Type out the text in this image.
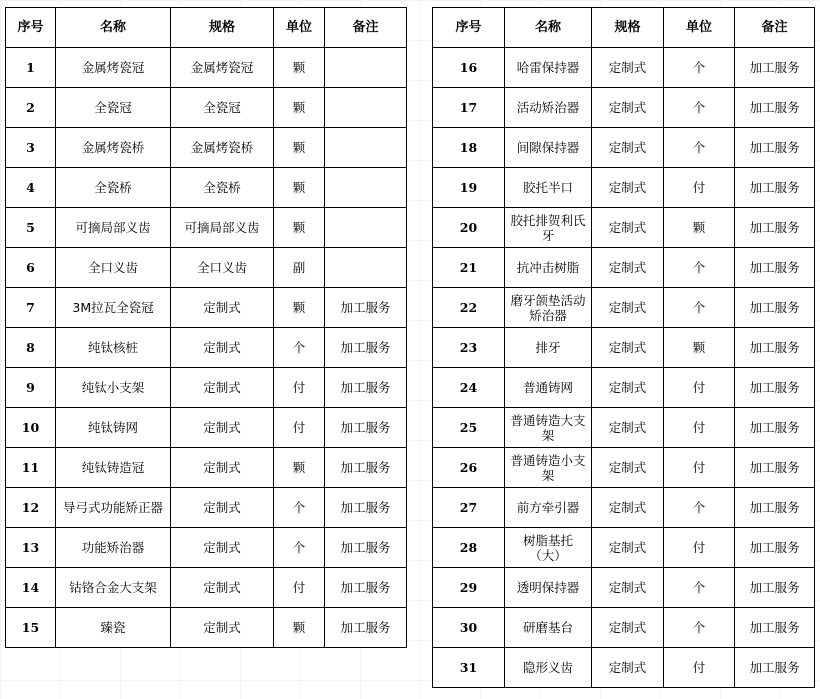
序号	名称	规格	单位	备注
1	金属烤瓷冠	金属烤瓷冠	颗	
2	全瓷冠	全瓷冠	颗	
3	金属烤瓷桥	金属烤瓷桥	颗	
4	全瓷桥	全瓷桥	颗	
5	可摘局部义齿	可摘局部义齿	颗	
6	全口义齿	全口义齿	副	
7	3M拉瓦全瓷冠	定制式	颗	加工服务
8	纯钛核桩	定制式	个	加工服务
9	纯钛小支架	定制式	付	加工服务
10	纯钛铸网	定制式	付	加工服务
11	纯钛铸造冠	定制式	颗	加工服务
12	导弓式功能矫正器	定制式	个	加工服务
13	功能矫治器	定制式	个	加工服务
14	钴铬合金大支架	定制式	付	加工服务
15	臻瓷	定制式	颗	加工服务
序号	名称	规格	单位	备注
16	哈雷保持器	定制式	个	加工服务
17	活动矫治器	定制式	个	加工服务
18	间隙保持器	定制式	个	加工服务
19	胶托半口	定制式	付	加工服务
20	胶托排贺利氏牙	定制式	颗	加工服务
21	抗冲击树脂	定制式	个	加工服务
22	磨牙颌垫活动矫治器	定制式	个	加工服务
23	排牙	定制式	颗	加工服务
24	普通铸网	定制式	付	加工服务
25	普通铸造大支架	定制式	付	加工服务
26	普通铸造小支架	定制式	付	加工服务
27	前方牵引器	定制式	个	加工服务
28	树脂基托（大）	定制式	付	加工服务
29	透明保持器	定制式	个	加工服务
30	研磨基台	定制式	个	加工服务
31	隐形义齿	定制式	付	加工服务
